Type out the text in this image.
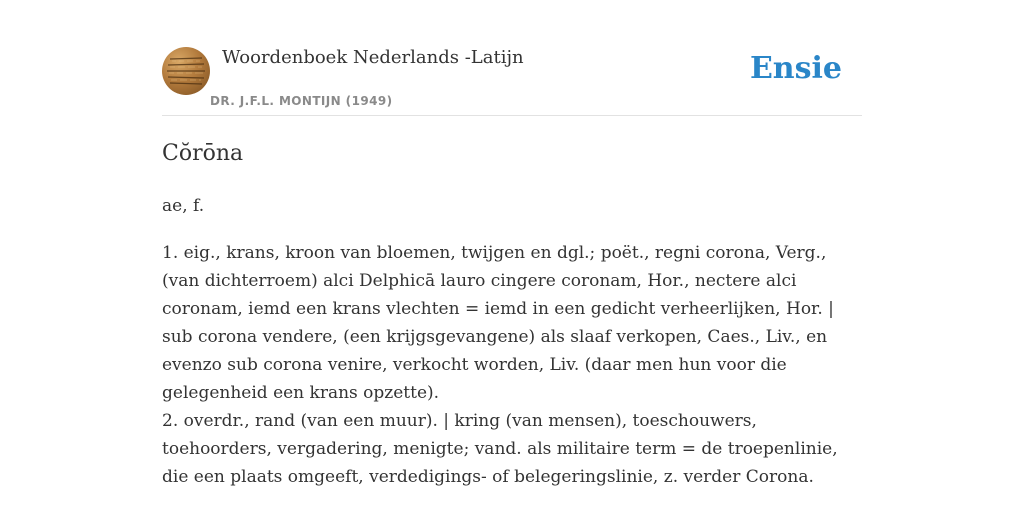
Woordenboek Nederlands -Latijn
DR. J.F.L. MONTIJN (1949)
Ensie
Cŏrōna

ae, f.

1. eig., krans, kroon van bloemen, twijgen en dgl.; poët., regni corona, Verg., (van dichterroem) alci Delphicā lauro cingere coronam, Hor., nectere alci coronam, iemd een krans vlechten = iemd in een gedicht verheerlijken, Hor. | sub corona vendere, (een krijgsgevangene) als slaaf verkopen, Caes., Liv., en evenzo sub corona venire, verkocht worden, Liv. (daar men hun voor die gelegenheid een krans opzette).

2. overdr., rand (van een muur). | kring (van mensen), toeschouwers, toehoorders, vergadering, menigte; vand. als militaire term = de troepenlinie, die een plaats omgeeft, verdedigings- of belegeringslinie, z. verder Corona.
